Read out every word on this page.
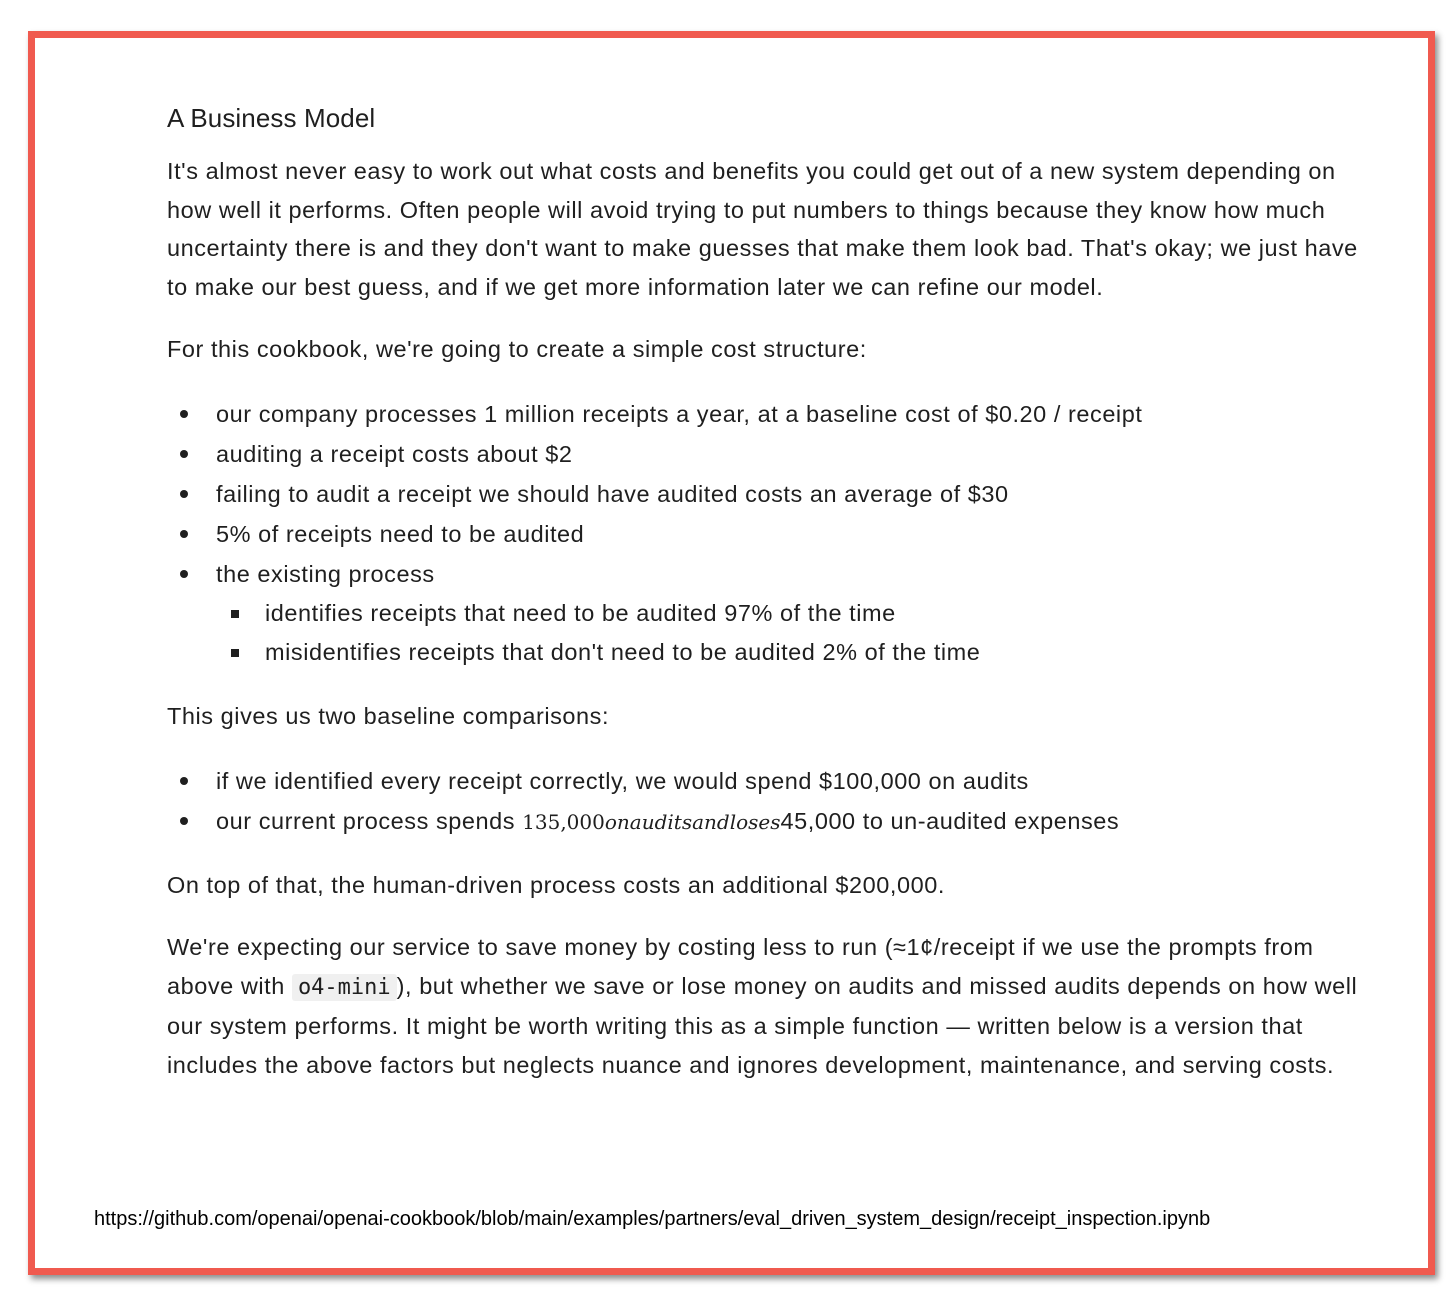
A Business Model

It's almost never easy to work out what costs and benefits you could get out of a new system depending on how well it performs. Often people will avoid trying to put numbers to things because they know how much uncertainty there is and they don't want to make guesses that make them look bad. That's okay; we just have to make our best guess, and if we get more information later we can refine our model.

For this cookbook, we're going to create a simple cost structure:

our company processes 1 million receipts a year, at a baseline cost of $0.20 / receipt
auditing a receipt costs about $2
failing to audit a receipt we should have audited costs an average of $30
5% of receipts need to be audited
the existing process
identifies receipts that need to be audited 97% of the time
misidentifies receipts that don't need to be audited 2% of the time

This gives us two baseline comparisons:

if we identified every receipt correctly, we would spend $100,000 on audits
our current process spends 135,000onauditsandloses45,000 to un-audited expenses

On top of that, the human-driven process costs an additional $200,000.

We're expecting our service to save money by costing less to run (≈1¢/receipt if we use the prompts from above with o4-mini ), but whether we save or lose money on audits and missed audits depends on how well our system performs. It might be worth writing this as a simple function — written below is a version that includes the above factors but neglects nuance and ignores development, maintenance, and serving costs.

https://github.com/openai/openai-cookbook/blob/main/examples/partners/eval_driven_system_design/receipt_inspection.ipynb
